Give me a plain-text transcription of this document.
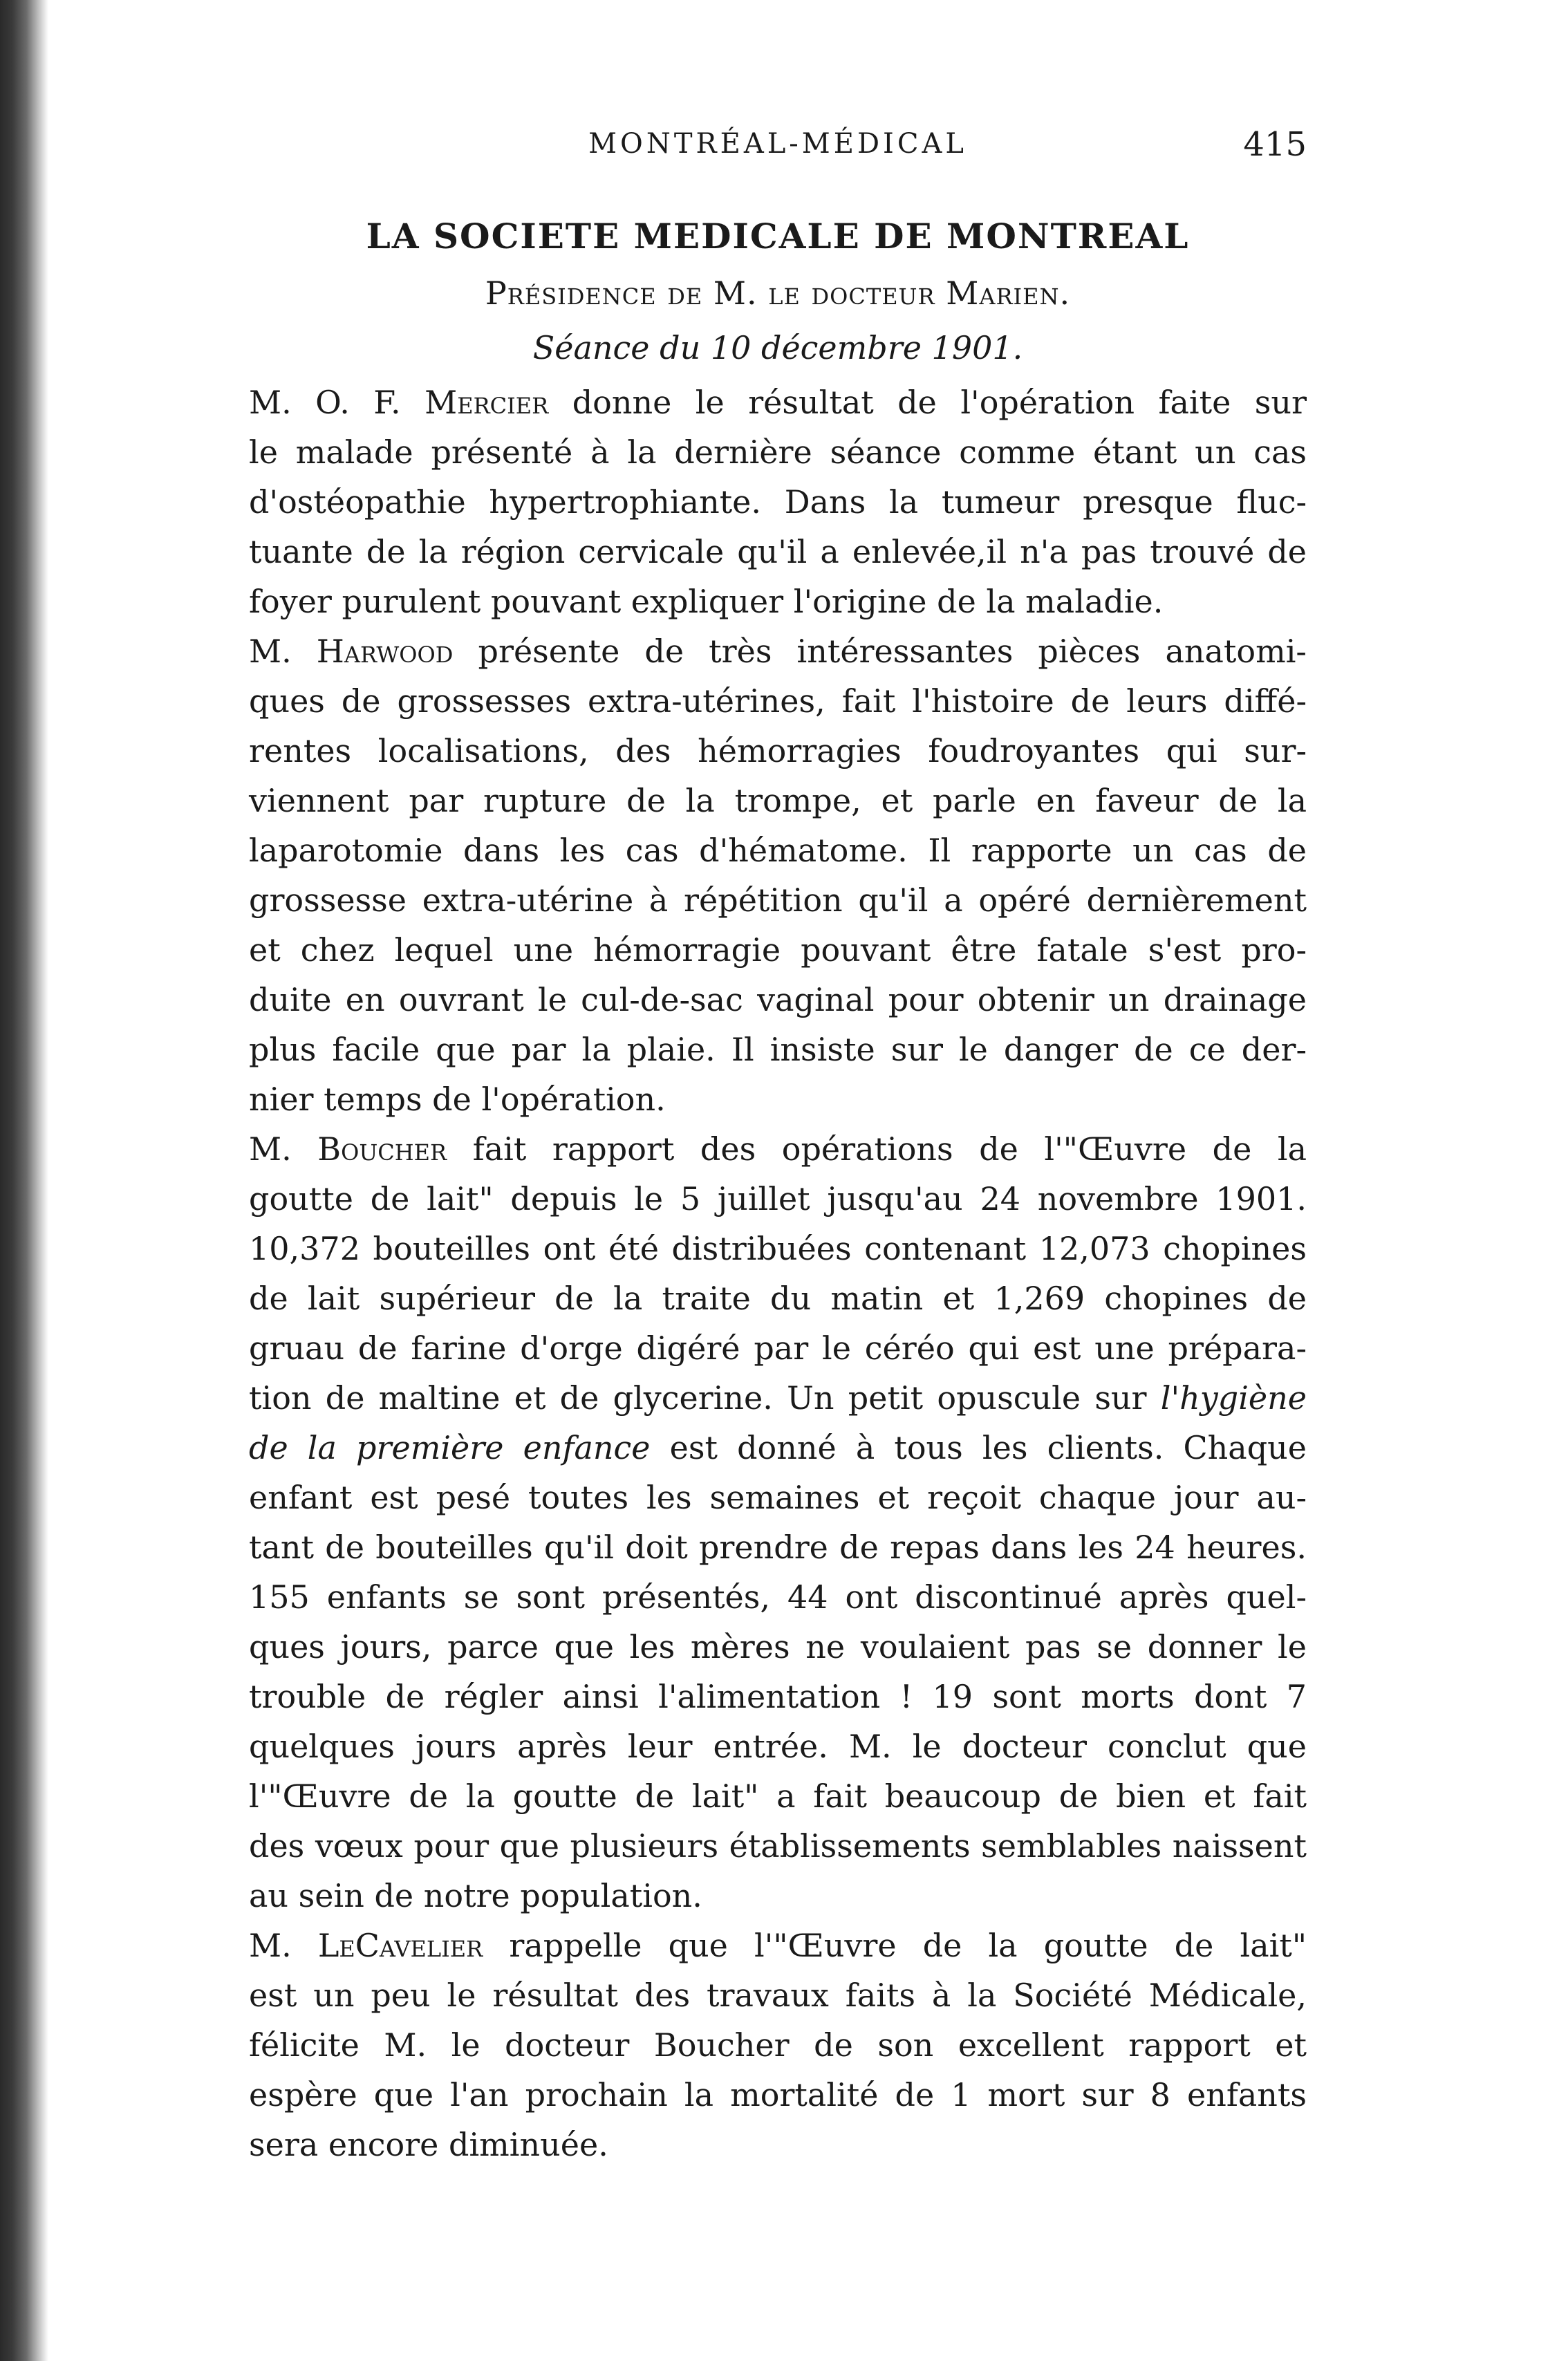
MONTRÉAL-MÉDICAL	415
LA SOCIETE MEDICALE DE MONTREAL
Présidence de M. le docteur Marien.
Séance du 10 décembre 1901.
M. O. F. Mercier donne le résultat de l'opération faite sur
le malade présenté à la dernière séance comme étant un cas
d'ostéopathie hypertrophiante. Dans la tumeur presque fluc-
tuante de la région cervicale qu'il a enlevée,il n'a pas trouvé de
foyer purulent pouvant expliquer l'origine de la maladie.
M. Harwood présente de très intéressantes pièces anatomi-
ques de grossesses extra-utérines, fait l'histoire de leurs diffé-
rentes localisations, des hémorragies foudroyantes qui sur-
viennent par rupture de la trompe, et parle en faveur de la
laparotomie dans les cas d'hématome. Il rapporte un cas de
grossesse extra-utérine à répétition qu'il a opéré dernièrement
et chez lequel une hémorragie pouvant être fatale s'est pro-
duite en ouvrant le cul-de-sac vaginal pour obtenir un drainage
plus facile que par la plaie. Il insiste sur le danger de ce der-
nier temps de l'opération.
M. Boucher fait rapport des opérations de l'"Œuvre de la
goutte de lait" depuis le 5 juillet jusqu'au 24 novembre 1901.
10,372 bouteilles ont été distribuées contenant 12,073 chopines
de lait supérieur de la traite du matin et 1,269 chopines de
gruau de farine d'orge digéré par le céréo qui est une prépara-
tion de maltine et de glycerine. Un petit opuscule sur l'hygiène
de la première enfance est donné à tous les clients. Chaque
enfant est pesé toutes les semaines et reçoit chaque jour au-
tant de bouteilles qu'il doit prendre de repas dans les 24 heures.
155 enfants se sont présentés, 44 ont discontinué après quel-
ques jours, parce que les mères ne voulaient pas se donner le
trouble de régler ainsi l'alimentation ! 19 sont morts dont 7
quelques jours après leur entrée. M. le docteur conclut que
l'"Œuvre de la goutte de lait" a fait beaucoup de bien et fait
des vœux pour que plusieurs établissements semblables naissent
au sein de notre population.
M. LeCavelier rappelle que l'"Œuvre de la goutte de lait"
est un peu le résultat des travaux faits à la Société Médicale,
félicite M. le docteur Boucher de son excellent rapport et
espère que l'an prochain la mortalité de 1 mort sur 8 enfants
sera encore diminuée.
